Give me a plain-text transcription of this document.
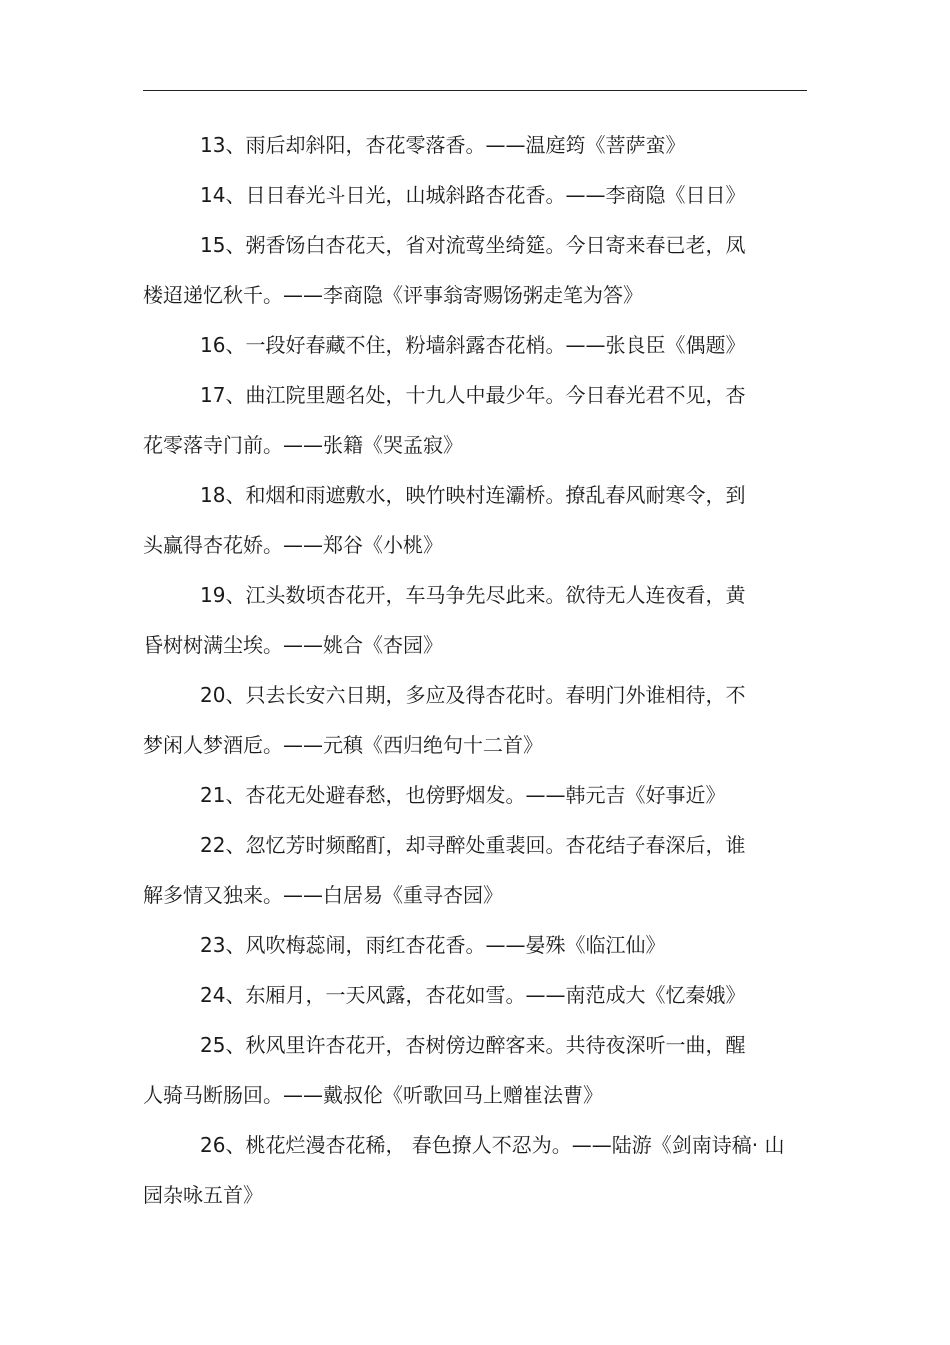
13、雨后却斜阳，杏花零落香。——温庭筠《菩萨蛮》
14、日日春光斗日光，山城斜路杏花香。——李商隐《日日》
15、粥香饧白杏花天，省对流莺坐绮筵。今日寄来春已老，凤
楼迢递忆秋千。——李商隐《评事翁寄赐饧粥走笔为答》
16、一段好春藏不住，粉墙斜露杏花梢。——张良臣《偶题》
17、曲江院里题名处，十九人中最少年。今日春光君不见，杏
花零落寺门前。——张籍《哭孟寂》
18、和烟和雨遮敷水，映竹映村连灞桥。撩乱春风耐寒令，到
头赢得杏花娇。——郑谷《小桃》
19、江头数顷杏花开，车马争先尽此来。欲待无人连夜看，黄
昏树树满尘埃。——姚合《杏园》
20、只去长安六日期，多应及得杏花时。春明门外谁相待，不
梦闲人梦酒卮。——元稹《西归绝句十二首》
21、杏花无处避春愁，也傍野烟发。——韩元吉《好事近》
22、忽忆芳时频酩酊，却寻醉处重裴回。杏花结子春深后，谁
解多情又独来。——白居易《重寻杏园》
23、风吹梅蕊闹，雨红杏花香。——晏殊《临江仙》
24、东厢月，一天风露，杏花如雪。——南范成大《忆秦娥》
25、秋风里许杏花开，杏树傍边醉客来。共待夜深听一曲，醒
人骑马断肠回。——戴叔伦《听歌回马上赠崔法曹》
26、桃花烂漫杏花稀， 春色撩人不忍为。——陆游《剑南诗稿· 山
园杂咏五首》
